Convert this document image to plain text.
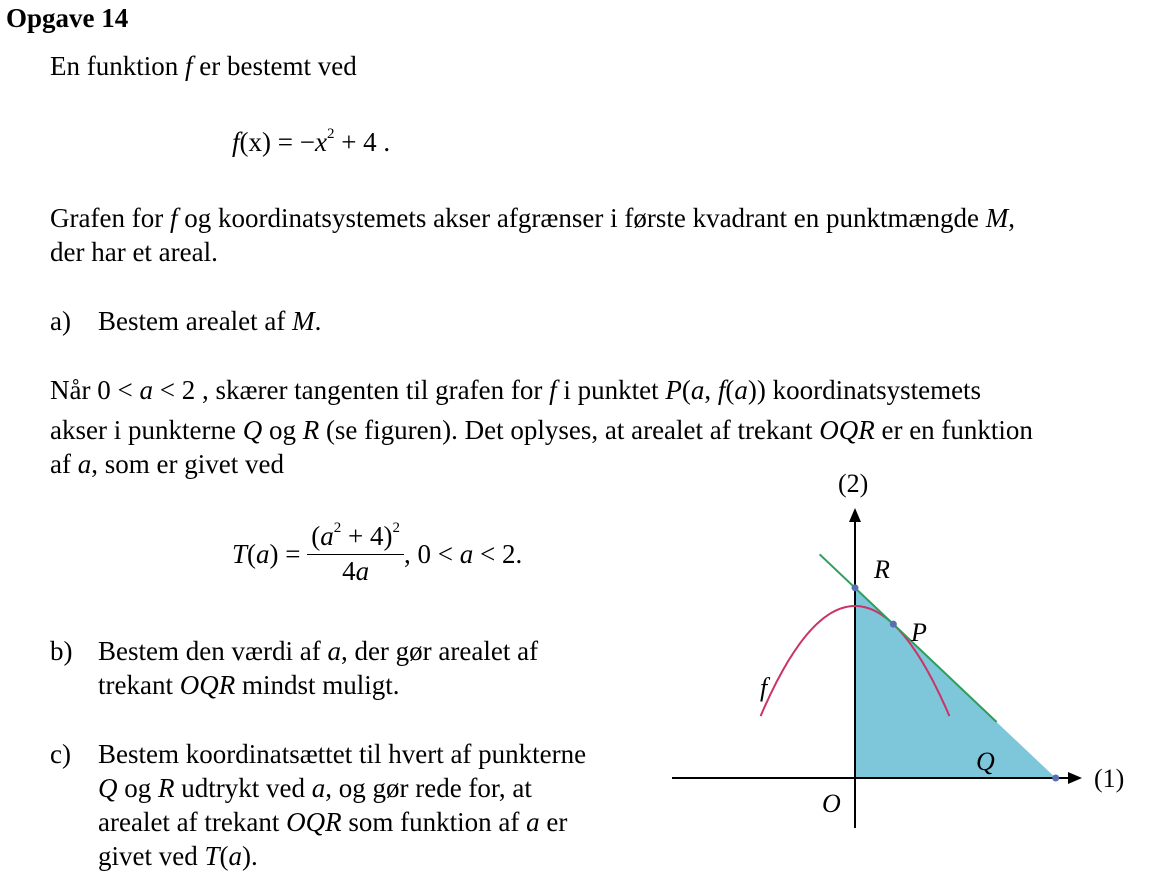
Opgave 14
En funktion f er bestemt ved
$f(x) = -x^2 + 4$ .
Grafen for f og koordinatsystemets akser afgrænser i første kvadrant en punktmængde M,
der har et areal.
a) Bestem arealet af M.
Når 0 < a < 2 , skærer tangenten til grafen for f i punktet P(a, f(a)) koordinatsystemets
akser i punkterne Q og R (se figuren). Det oplyses, at arealet af trekant OQR er en funktion
af a, som er givet ved
$T(a) = \frac{(a^2 + 4)^2}{4a}$ , 0 < a < 2.
b) Bestem den værdi af a, der gør arealet af
trekant OQR mindst muligt.
c) Bestem koordinatsættet til hvert af punkterne
Q og R udtrykt ved a, og gør rede for, at
arealet af trekant OQR som funktion af a er
givet ved T(a).
(2)
(1)
O
f
R
P
Q
